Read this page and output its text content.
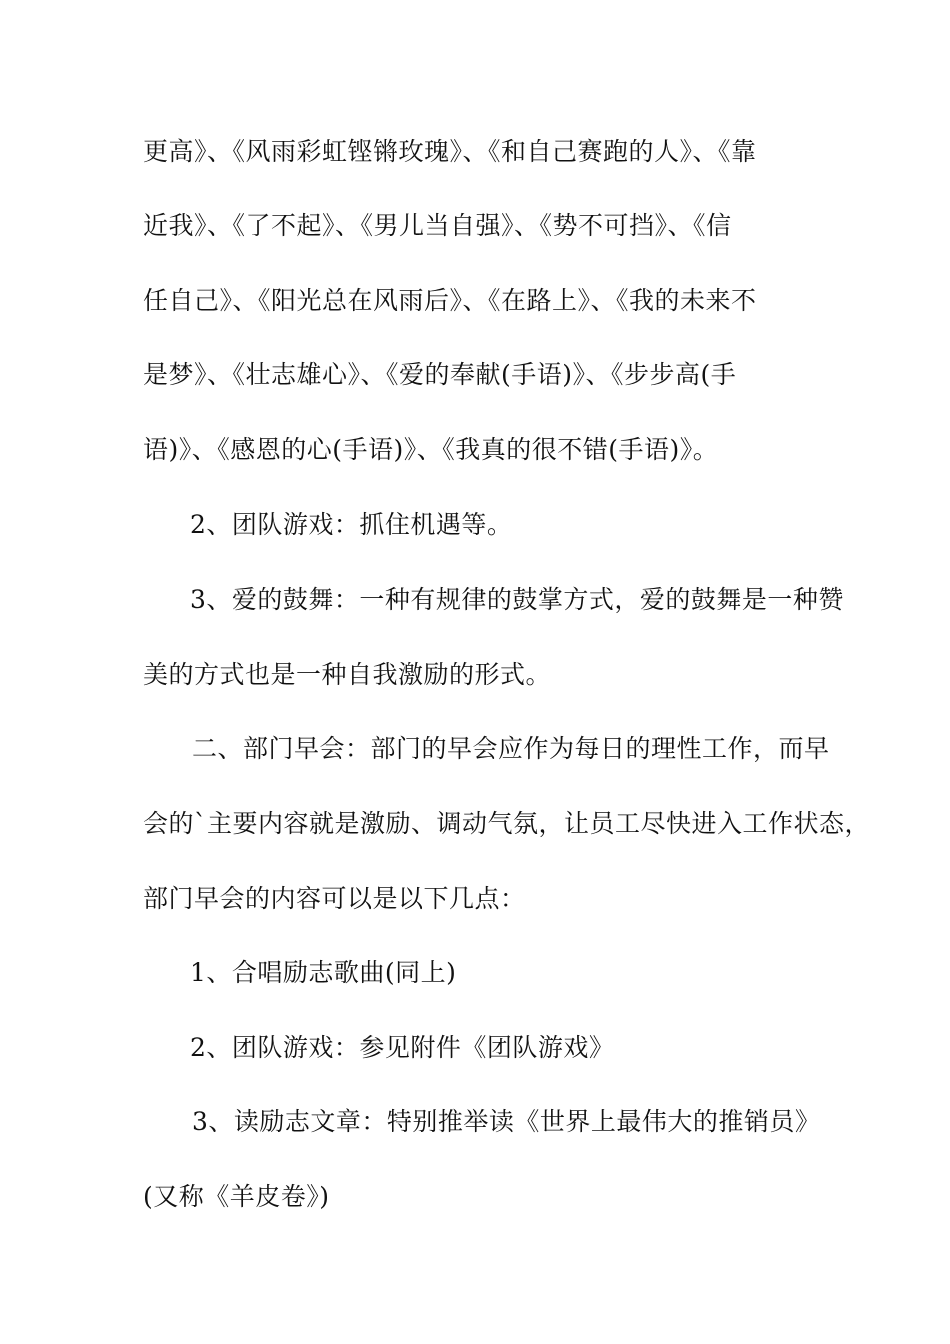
更高》、《风雨彩虹铿锵玫瑰》、《和自己赛跑的人》、《靠
近我》、《了不起》、《男儿当自强》、《势不可挡》、《信
任自己》、《阳光总在风雨后》、《在路上》、《我的未来不
是梦》、《壮志雄心》、《爱的奉献(手语)》、《步步高(手
语)》、《感恩的心(手语)》、《我真的很不错(手语)》。
2、团队游戏：抓住机遇等。
3、爱的鼓舞：一种有规律的鼓掌方式，爱的鼓舞是一种赞
美的方式也是一种自我激励的形式。
二、部门早会：部门的早会应作为每日的理性工作，而早
会的`主要内容就是激励、调动气氛，让员工尽快进入工作状态，
部门早会的内容可以是以下几点：
1、合唱励志歌曲(同上)
2、团队游戏：参见附件《团队游戏》
3、读励志文章：特别推举读《世界上最伟大的推销员》
(又称《羊皮卷》)
